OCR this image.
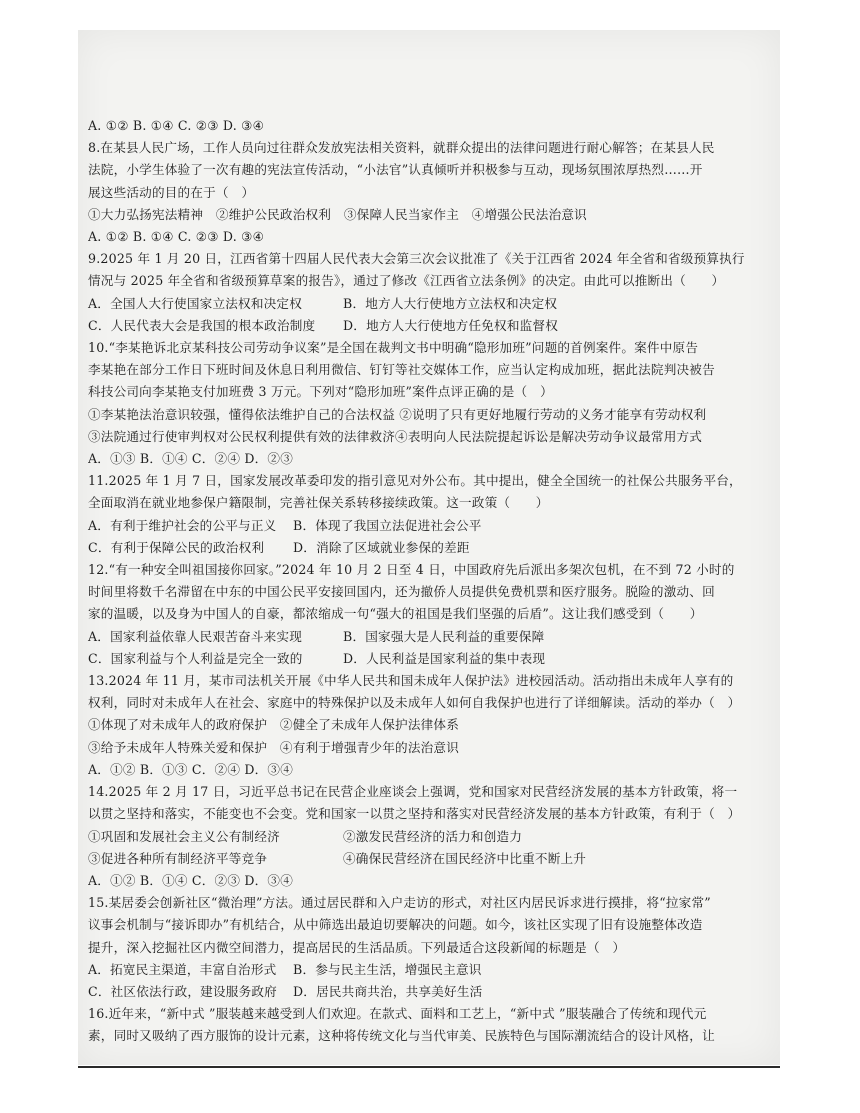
A. ①② B. ①④ C. ②③ D. ③④
8.在某县人民广场，工作人员向过往群众发放宪法相关资料，就群众提出的法律问题进行耐心解答；在某县人民
法院，小学生体验了一次有趣的宪法宣传活动，“小法官”认真倾听并积极参与互动，现场氛围浓厚热烈……开
展这些活动的目的在于（　）
①大力弘扬宪法精神　②维护公民政治权利　③保障人民当家作主　④增强公民法治意识
A. ①② B. ①④ C. ②③ D. ③④
9.2025 年 1 月 20 日，江西省第十四届人民代表大会第三次会议批准了《关于江西省 2024 年全省和省级预算执行
情况与 2025 年全省和省级预算草案的报告》，通过了修改《江西省立法条例》的决定。由此可以推断出（　　）
A．全国人大行使国家立法权和决定权	B．地方人大行使地方立法权和决定权
C．人民代表大会是我国的根本政治制度	D．地方人大行使地方任免权和监督权
10.“李某艳诉北京某科技公司劳动争议案”是全国在裁判文书中明确“隐形加班”问题的首例案件。案件中原告
李某艳在部分工作日下班时间及休息日利用微信、钉钉等社交媒体工作，应当认定构成加班，据此法院判决被告
科技公司向李某艳支付加班费 3 万元。下列对“隐形加班”案件点评正确的是（　）
①李某艳法治意识较强，懂得依法维护自己的合法权益 ②说明了只有更好地履行劳动的义务才能享有劳动权利
③法院通过行使审判权对公民权利提供有效的法律救济④表明向人民法院提起诉讼是解决劳动争议最常用方式
A．①③ B．①④ C．②④ D．②③
11.2025 年 1 月 7 日，国家发展改革委印发的指引意见对外公布。其中提出，健全全国统一的社保公共服务平台，
全面取消在就业地参保户籍限制，完善社保关系转移接续政策。这一政策（　　）
A．有利于维护社会的公平与正义	B．体现了我国立法促进社会公平
C．有利于保障公民的政治权利	D．消除了区域就业参保的差距
12.“有一种安全叫祖国接你回家。”2024 年 10 月 2 日至 4 日，中国政府先后派出多架次包机，在不到 72 小时的
时间里将数千名滞留在中东的中国公民平安接回国内，还为撤侨人员提供免费机票和医疗服务。脱险的激动、回
家的温暖，以及身为中国人的自豪，都浓缩成一句“强大的祖国是我们坚强的后盾”。这让我们感受到（　　）
A．国家利益依靠人民艰苦奋斗来实现	B．国家强大是人民利益的重要保障
C．国家利益与个人利益是完全一致的	D．人民利益是国家利益的集中表现
13.2024 年 11 月，某市司法机关开展《中华人民共和国未成年人保护法》进校园活动。活动指出未成年人享有的
权利，同时对未成年人在社会、家庭中的特殊保护以及未成年人如何自我保护也进行了详细解读。活动的举办（　）
①体现了对未成年人的政府保护　②健全了未成年人保护法律体系
③给予未成年人特殊关爱和保护　④有利于增强青少年的法治意识
A．①② B．①③ C．②④ D．③④
14.2025 年 2 月 17 日，习近平总书记在民营企业座谈会上强调，党和国家对民营经济发展的基本方针政策，将一
以贯之坚持和落实，不能变也不会变。党和国家一以贯之坚持和落实对民营经济发展的基本方针政策，有利于（　）
①巩固和发展社会主义公有制经济	②激发民营经济的活力和创造力
③促进各种所有制经济平等竞争	④确保民营经济在国民经济中比重不断上升
A．①② B．①④ C．②③ D．③④
15.某居委会创新社区“微治理”方法。通过居民群和入户走访的形式，对社区内居民诉求进行摸排，将“拉家常”
议事会机制与“接诉即办”有机结合，从中筛选出最迫切要解决的问题。如今，该社区实现了旧有设施整体改造
提升，深入挖掘社区内微空间潜力，提高居民的生活品质。下列最适合这段新闻的标题是（　）
A．拓宽民主渠道，丰富自治形式	B．参与民主生活，增强民主意识
C．社区依法行政，建设服务政府	D．居民共商共治，共享美好生活
16.近年来，“新中式 ”服装越来越受到人们欢迎。在款式、面料和工艺上，“新中式 ”服装融合了传统和现代元
素，同时又吸纳了西方服饰的设计元素，这种将传统文化与当代审美、民族特色与国际潮流结合的设计风格，让
